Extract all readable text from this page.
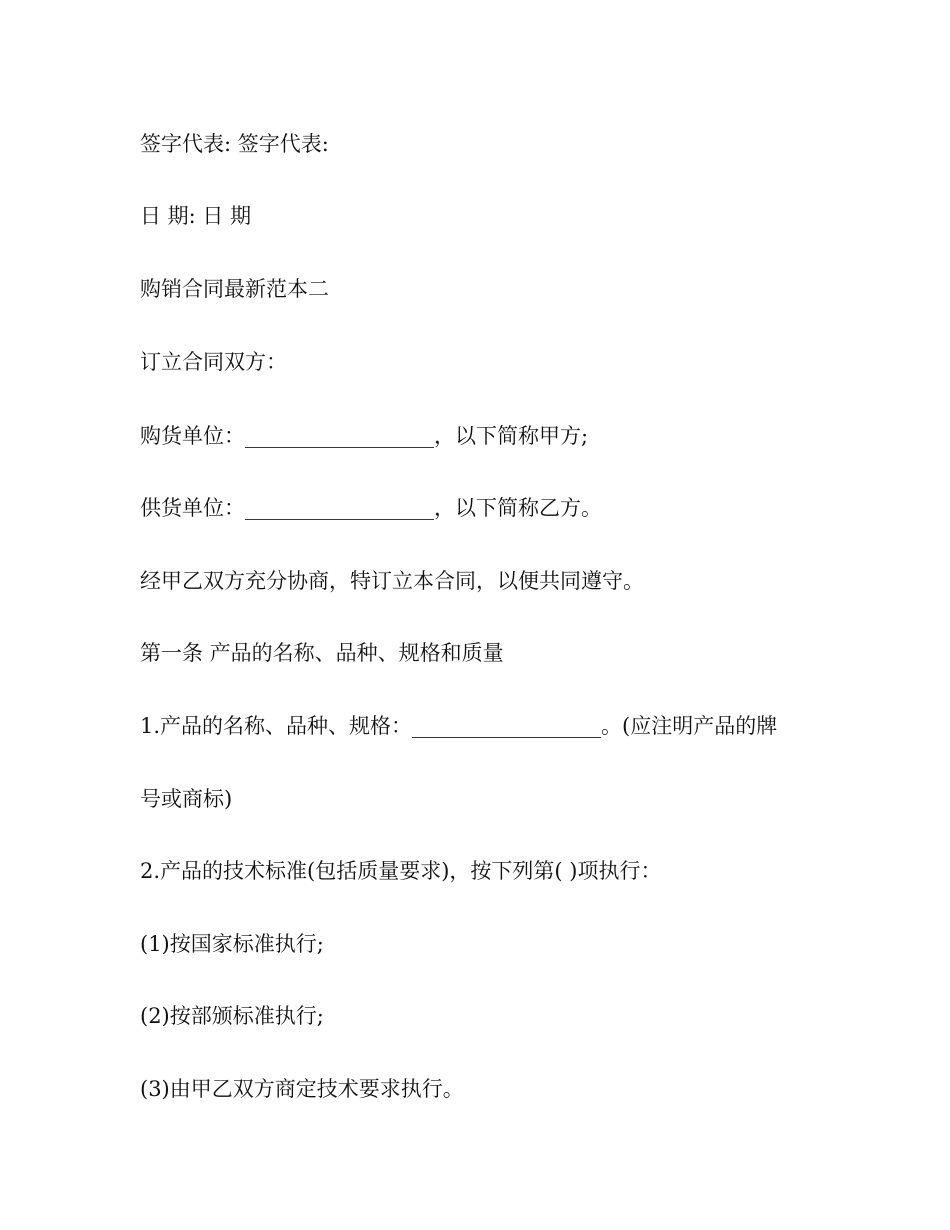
签字代表: 签字代表:
日 期: 日 期
购销合同最新范本二
订立合同双方：
购货单位：__________________，以下简称甲方;
供货单位：__________________，以下简称乙方。
经甲乙双方充分协商，特订立本合同，以便共同遵守。
第一条 产品的名称、品种、规格和质量
1.产品的名称、品种、规格：__________________。(应注明产品的牌
号或商标)
2.产品的技术标准(包括质量要求)，按下列第( )项执行：
(1)按国家标准执行;
(2)按部颁标准执行;
(3)由甲乙双方商定技术要求执行。
